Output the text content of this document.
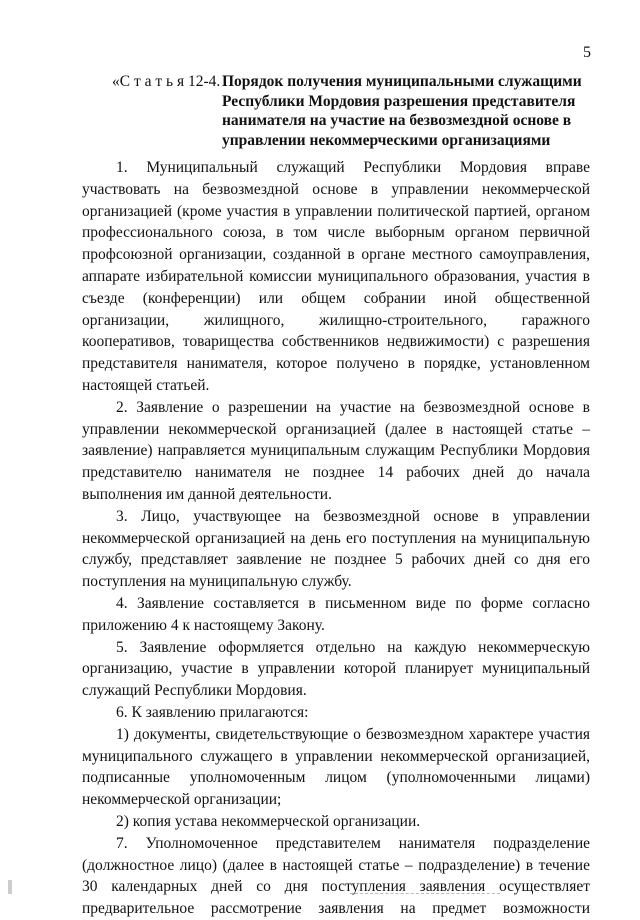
5
«С т а т ь я 12-4. Порядок получения муниципальными служащими
Республики Мордовия разрешения представителя
нанимателя на участие на безвозмездной основе в
управлении некоммерческими организациями

1. Муниципальный служащий Республики Мордовия вправе участвовать на безвозмездной основе в управлении некоммерческой организацией (кроме участия в управлении политической партией, органом профессионального союза, в том числе выборным органом первичной профсоюзной организации, созданной в органе местного самоуправления, аппарате избирательной комиссии муниципального образования, участия в съезде (конференции) или общем собрании иной общественной организации, жилищного, жилищно-строительного, гаражного кооперативов, товарищества собственников недвижимости) с разрешения представителя нанимателя, которое получено в порядке, установленном настоящей статьей.

2. Заявление о разрешении на участие на безвозмездной основе в управлении некоммерческой организацией (далее в настоящей статье – заявление) направляется муниципальным служащим Республики Мордовия представителю нанимателя не позднее 14 рабочих дней до начала выполнения им данной деятельности.

3. Лицо, участвующее на безвозмездной основе в управлении некоммерческой организацией на день его поступления на муниципальную службу, представляет заявление не позднее 5 рабочих дней со дня его поступления на муниципальную службу.

4. Заявление составляется в письменном виде по форме согласно приложению 4 к настоящему Закону.

5. Заявление оформляется отдельно на каждую некоммерческую организацию, участие в управлении которой планирует муниципальный служащий Республики Мордовия.

6. К заявлению прилагаются:

1) документы, свидетельствующие о безвозмездном характере участия муниципального служащего в управлении некоммерческой организацией, подписанные уполномоченным лицом (уполномоченными лицами) некоммерческой организации;

2) копия устава некоммерческой организации.

7. Уполномоченное представителем нанимателя подразделение (должностное лицо) (далее в настоящей статье – подразделение) в течение 30 календарных дней со дня поступления заявления осуществляет предварительное рассмотрение заявления на предмет возможности
